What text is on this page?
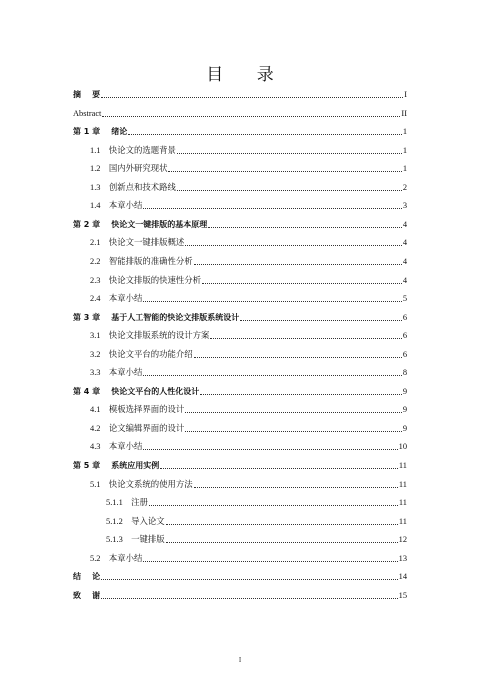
目 录
摘    要	I
Abstract	II
第 1 章    绪论	1
1.1    快论文的选题背景	1
1.2    国内外研究现状	1
1.3    创新点和技术路线	2
1.4    本章小结	3
第 2 章    快论文一键排版的基本原理	4
2.1    快论文一键排版概述	4
2.2    智能排版的准确性分析	4
2.3    快论文排版的快速性分析	4
2.4    本章小结	5
第 3 章    基于人工智能的快论文排版系统设计	6
3.1    快论文排版系统的设计方案	6
3.2    快论文平台的功能介绍	6
3.3    本章小结	8
第 4 章    快论文平台的人性化设计	9
4.1    模板选择界面的设计	9
4.2    论文编辑界面的设计	9
4.3    本章小结	10
第 5 章    系统应用实例	11
5.1    快论文系统的使用方法	11
5.1.1    注册	11
5.1.2    导入论文	11
5.1.3    一键排版	12
5.2    本章小结	13
结    论	14
致    谢	15
I
